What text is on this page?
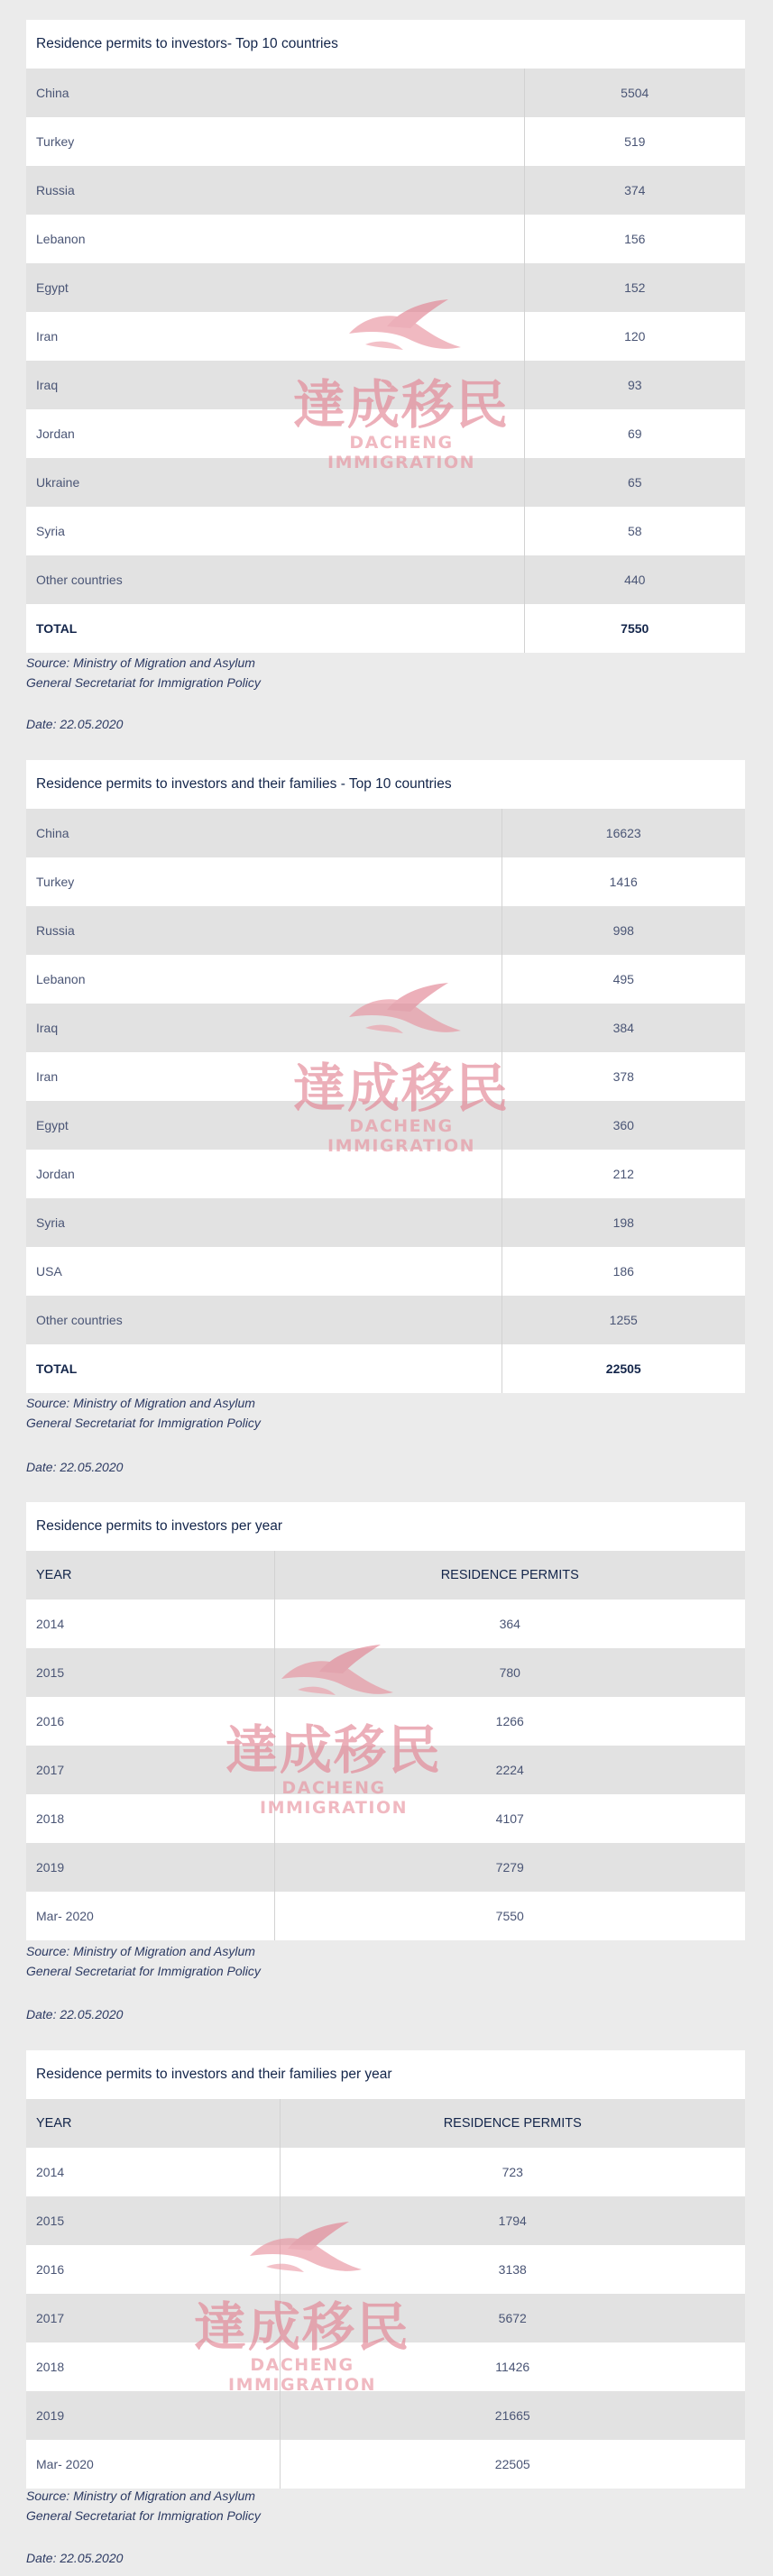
Residence permits to investors- Top 10 countries
China	5504
Turkey	519
Russia	374
Lebanon	156
Egypt	152
Iran	120
Iraq	93
Jordan	69
Ukraine	65
Syria	58
Other countries	440
TOTAL	7550
Source: Ministry of Migration and Asylum
General Secretariat for Immigration Policy
Date: 22.05.2020
Residence permits to investors and their families - Top 10 countries
China	16623
Turkey	1416
Russia	998
Lebanon	495
Iraq	384
Iran	378
Egypt	360
Jordan	212
Syria	198
USA	186
Other countries	1255
TOTAL	22505
Source: Ministry of Migration and Asylum
General Secretariat for Immigration Policy
Date: 22.05.2020
Residence permits to investors per year
YEAR	RESIDENCE PERMITS
2014	364
2015	780
2016	1266
2017	2224
2018	4107
2019	7279
Mar- 2020	7550
Source: Ministry of Migration and Asylum
General Secretariat for Immigration Policy
Date: 22.05.2020
Residence permits to investors and their families per year
YEAR	RESIDENCE PERMITS
2014	723
2015	1794
2016	3138
2017	5672
2018	11426
2019	21665
Mar- 2020	22505
Source: Ministry of Migration and Asylum
General Secretariat for Immigration Policy
Date: 22.05.2020
達成移民
DACHENG IMMIGRATION
達成移民
DACHENG IMMIGRATION
達成移民
DACHENG IMMIGRATION
達成移民
DACHENG IMMIGRATION
